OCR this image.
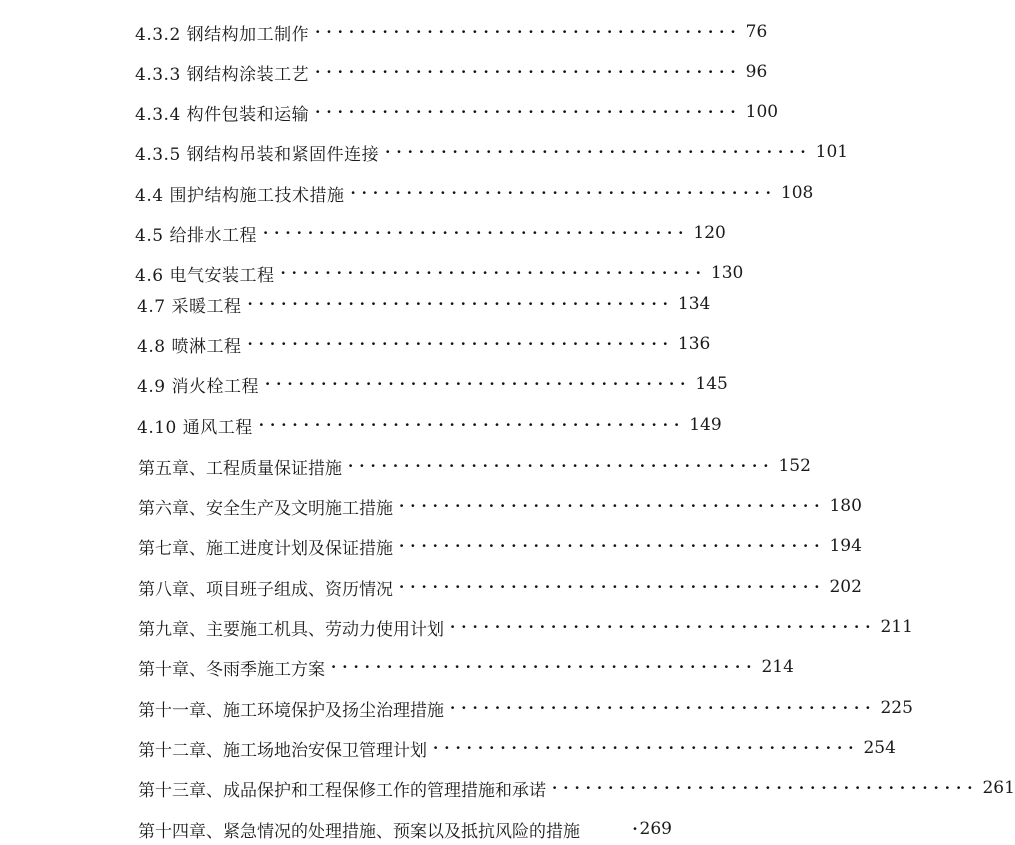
4.3.2 钢结构加工制作 ······································ 76
4.3.3 钢结构涂装工艺 ······································ 96
4.3.4 构件包装和运输 ······································ 100
4.3.5 钢结构吊装和紧固件连接 ······································ 101
4.4 围护结构施工技术措施 ······································ 108
4.5 给排水工程 ······································ 120
4.6 电气安装工程 ······································ 130
4.7 采暖工程 ······································ 134
4.8 喷淋工程 ······································ 136
4.9 消火栓工程 ······································ 145
4.10 通风工程 ······································ 149
第五章、工程质量保证措施 ······································ 152
第六章、安全生产及文明施工措施 ······································ 180
第七章、施工进度计划及保证措施 ······································ 194
第八章、项目班子组成、资历情况 ······································ 202
第九章、主要施工机具、劳动力使用计划 ······································ 211
第十章、冬雨季施工方案 ······································ 214
第十一章、施工环境保护及扬尘治理措施 ······································ 225
第十二章、施工场地治安保卫管理计划 ······································ 254
第十三章、成品保护和工程保修工作的管理措施和承诺 ······································ 261
第十四章、紧急情况的处理措施、预案以及抵抗风险的措施	· 269
